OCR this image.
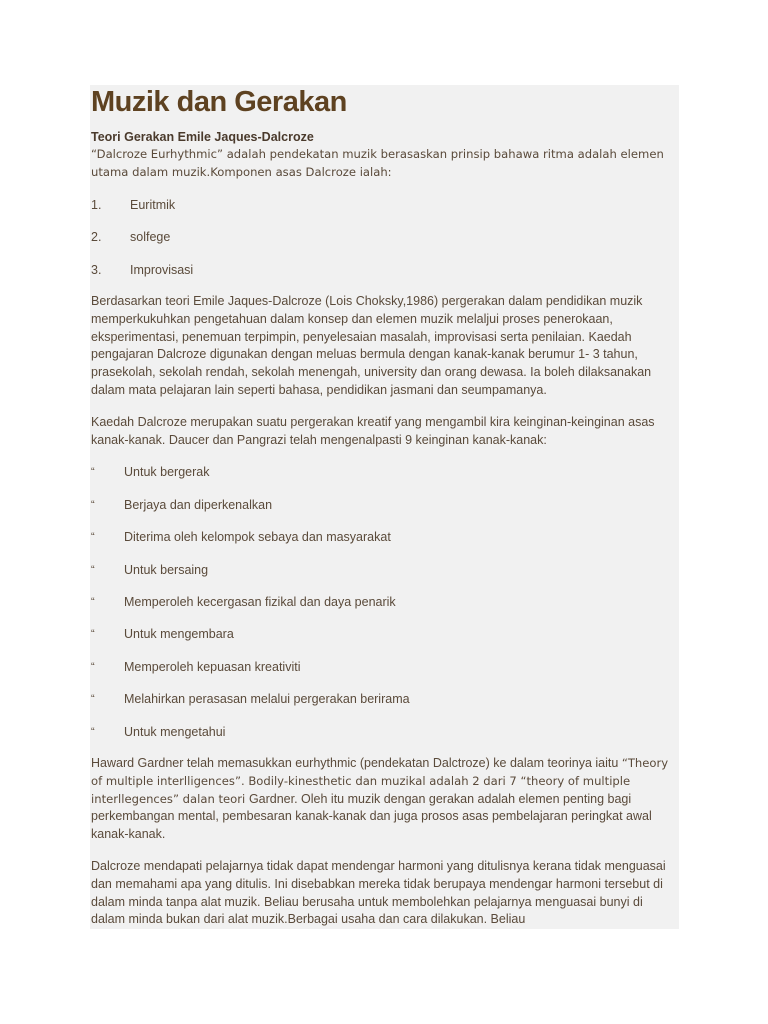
Muzik dan Gerakan
Teori Gerakan Emile Jaques-Dalcroze

“Dalcroze Eurhythmic” adalah pendekatan muzik berasaskan prinsip bahawa ritma adalah elemen utama dalam muzik.Komponen asas Dalcroze ialah:

1.	Euritmik
2.	solfege
3.	Improvisasi

Berdasarkan teori Emile Jaques-Dalcroze (Lois Choksky,1986) pergerakan dalam pendidikan muzik memperkukuhkan pengetahuan dalam konsep dan elemen muzik melaljui proses penerokaan, eksperimentasi, penemuan terpimpin, penyelesaian masalah, improvisasi serta penilaian. Kaedah pengajaran Dalcroze digunakan dengan meluas bermula dengan kanak-kanak berumur 1- 3 tahun, prasekolah, sekolah rendah, sekolah menengah, university dan orang dewasa. Ia boleh dilaksanakan dalam mata pelajaran lain seperti bahasa, pendidikan jasmani dan seumpamanya.

Kaedah Dalcroze merupakan suatu pergerakan kreatif yang mengambil kira keinginan-keinginan asas kanak-kanak. Daucer dan Pangrazi telah mengenalpasti 9 keinginan kanak-kanak:

“	Untuk bergerak
“	Berjaya dan diperkenalkan
“	Diterima oleh kelompok sebaya dan masyarakat
“	Untuk bersaing
“	Memperoleh kecergasan fizikal dan daya penarik
“	Untuk mengembara
“	Memperoleh kepuasan kreativiti
“	Melahirkan perasasan melalui pergerakan berirama
“	Untuk mengetahui

Haward Gardner telah memasukkan eurhythmic (pendekatan Dalctroze) ke dalam teorinya iaitu “Theory of multiple interlligences”. Bodily-kinesthetic dan muzikal adalah 2 dari 7 “theory of multiple interllegences” dalan teori Gardner. Oleh itu muzik dengan gerakan adalah elemen penting bagi perkembangan mental, pembesaran kanak-kanak dan juga prosos asas pembelajaran peringkat awal kanak-kanak.

Dalcroze mendapati pelajarnya tidak dapat mendengar harmoni yang ditulisnya kerana tidak menguasai dan memahami apa yang ditulis. Ini disebabkan mereka tidak berupaya mendengar harmoni tersebut di dalam minda tanpa alat muzik. Beliau berusaha untuk membolehkan pelajarnya menguasai bunyi di dalam minda bukan dari alat muzik.Berbagai usaha dan cara dilakukan. Beliau
